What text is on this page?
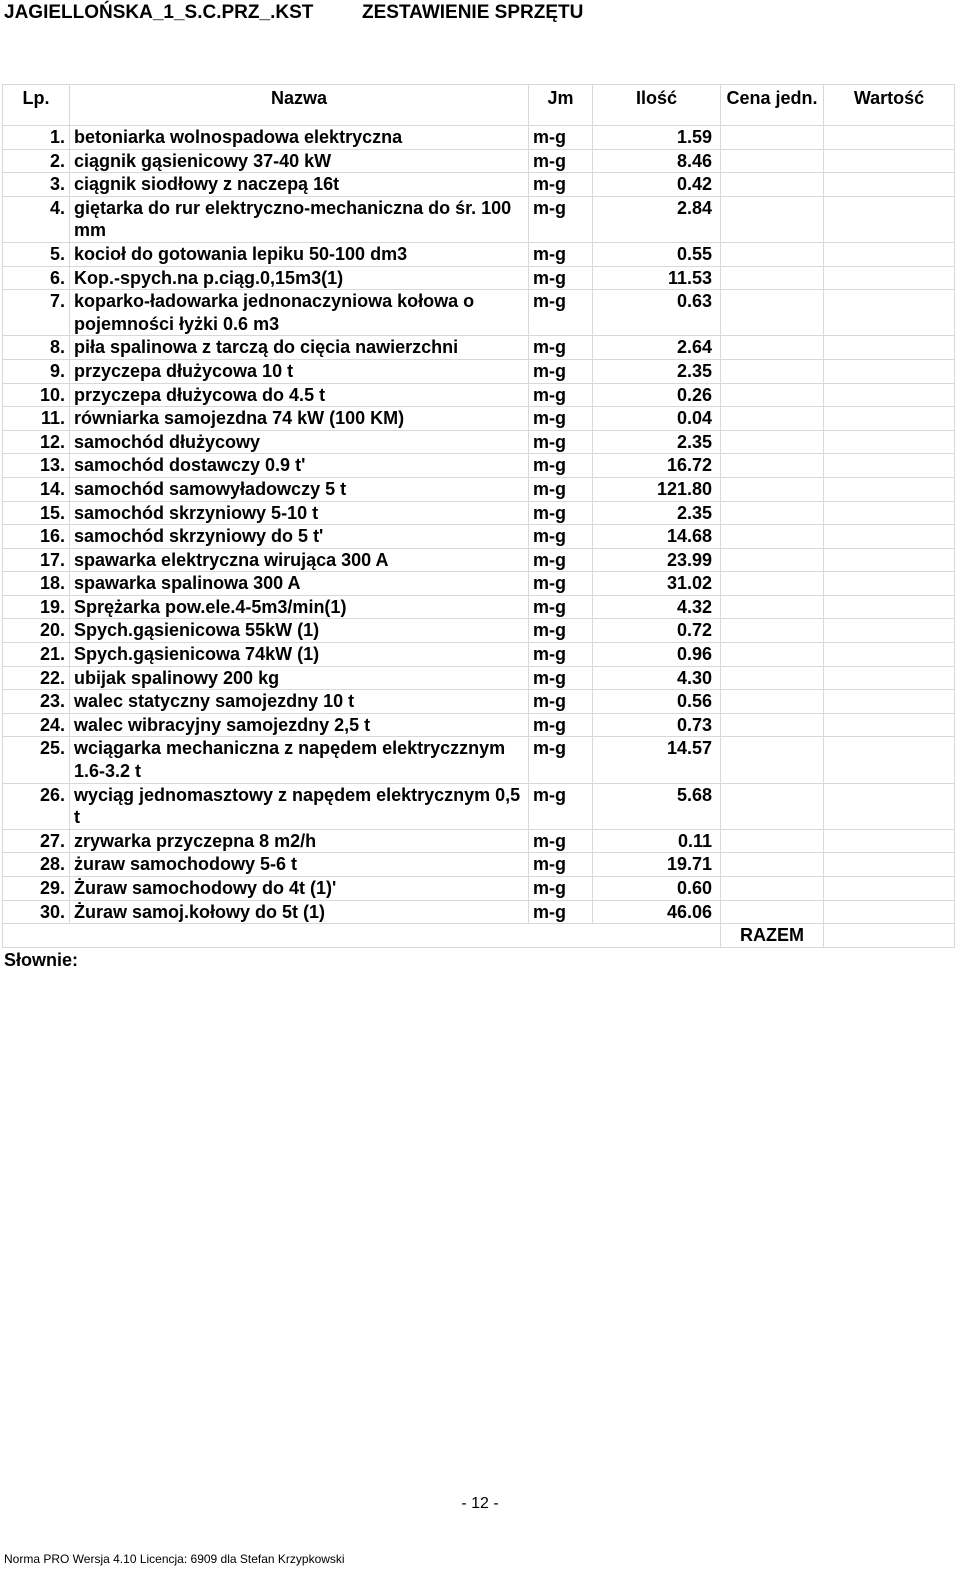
JAGIELLOŃSKA_1_S.C.PRZ_.KST	ZESTAWIENIE SPRZĘTU
Lp.	Nazwa	Jm	Ilość	Cena jedn.	Wartość
1.	betoniarka wolnospadowa elektryczna	m-g	1.59		
2.	ciągnik gąsienicowy 37-40 kW	m-g	8.46		
3.	ciągnik siodłowy z naczepą 16t	m-g	0.42		
4.	giętarka do rur elektryczno-mechaniczna do śr. 100 mm	m-g	2.84		
5.	kocioł do gotowania lepiku 50-100 dm3	m-g	0.55		
6.	Kop.-spych.na p.ciąg.0,15m3(1)	m-g	11.53		
7.	koparko-ładowarka jednonaczyniowa kołowa o pojemności łyżki 0.6 m3	m-g	0.63		
8.	piła spalinowa z tarczą do cięcia nawierzchni	m-g	2.64		
9.	przyczepa dłużycowa 10 t	m-g	2.35		
10.	przyczepa dłużycowa do 4.5 t	m-g	0.26		
11.	równiarka samojezdna 74 kW (100 KM)	m-g	0.04		
12.	samochód dłużycowy	m-g	2.35		
13.	samochód dostawczy 0.9 t'	m-g	16.72		
14.	samochód samowyładowczy 5 t	m-g	121.80		
15.	samochód skrzyniowy 5-10 t	m-g	2.35		
16.	samochód skrzyniowy do 5 t'	m-g	14.68		
17.	spawarka elektryczna wirująca 300 A	m-g	23.99		
18.	spawarka spalinowa 300 A	m-g	31.02		
19.	Sprężarka pow.ele.4-5m3/min(1)	m-g	4.32		
20.	Spych.gąsienicowa 55kW (1)	m-g	0.72		
21.	Spych.gąsienicowa 74kW (1)	m-g	0.96		
22.	ubijak spalinowy 200 kg	m-g	4.30		
23.	walec statyczny samojezdny 10 t	m-g	0.56		
24.	walec wibracyjny samojezdny 2,5 t	m-g	0.73		
25.	wciągarka mechaniczna z napędem elektryczznym 1.6-3.2 t	m-g	14.57		
26.	wyciąg jednomasztowy z napędem elektrycznym 0,5 t	m-g	5.68		
27.	zrywarka przyczepna 8 m2/h	m-g	0.11		
28.	żuraw samochodowy 5-6 t	m-g	19.71		
29.	Żuraw samochodowy do 4t (1)'	m-g	0.60		
30.	Żuraw samoj.kołowy do 5t (1)	m-g	46.06		
				RAZEM	
Słownie:
- 12 -
Norma PRO Wersja 4.10 Licencja: 6909 dla Stefan Krzypkowski
